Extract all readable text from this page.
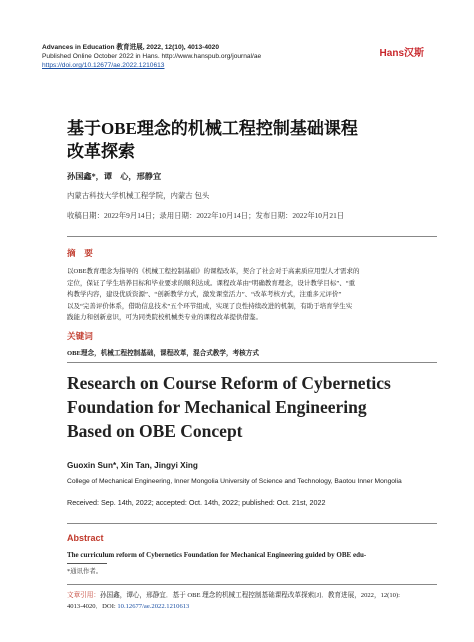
Advances in Education 教育进展, 2022, 12(10), 4013-4020
Published Online October 2022 in Hans. http://www.hanspub.org/journal/ae
https://doi.org/10.12677/ae.2022.1210613
Hans汉斯
基于OBE理念的机械工程控制基础课程
改革探索
孙国鑫*，谭　心，邢静宜
内蒙古科技大学机械工程学院，内蒙古 包头
收稿日期：2022年9月14日；录用日期：2022年10月14日；发布日期：2022年10月21日
摘　要
以OBE教育理念为指导的《机械工程控制基础》的课程改革，契合了社会对于高素质应用型人才需求的
定位，保证了学生培养目标和毕业要求的顺利达成。课程改革由“明确教育理念，设计教学目标”、“重
构教学内容，建设优质资源”、“创新教学方式，激发课堂活力”、“改革考核方式，注重多元评价”
以及“完善评价体系，借助信息技术”五个环节组成，实现了良性持续改进的机制，有助于培育学生实
践能力和创新意识，可为同类院校机械类专业的课程改革提供借鉴。
关键词
OBE理念，机械工程控制基础，课程改革，混合式教学，考核方式
Research on Course Reform of Cybernetics
Foundation for Mechanical Engineering
Based on OBE Concept
Guoxin Sun*, Xin Tan, Jingyi Xing
College of Mechanical Engineering, Inner Mongolia University of Science and Technology, Baotou Inner Mongolia
Received: Sep. 14th, 2022; accepted: Oct. 14th, 2022; published: Oct. 21st, 2022
Abstract
The curriculum reform of Cybernetics Foundation for Mechanical Engineering guided by OBE edu-
*通讯作者。
文章引用：孙国鑫，谭心，邢静宜．基于 OBE 理念的机械工程控制基础课程改革探索[J]．教育进展，2022，12(10):
4013-4020．DOI: 10.12677/ae.2022.1210613
